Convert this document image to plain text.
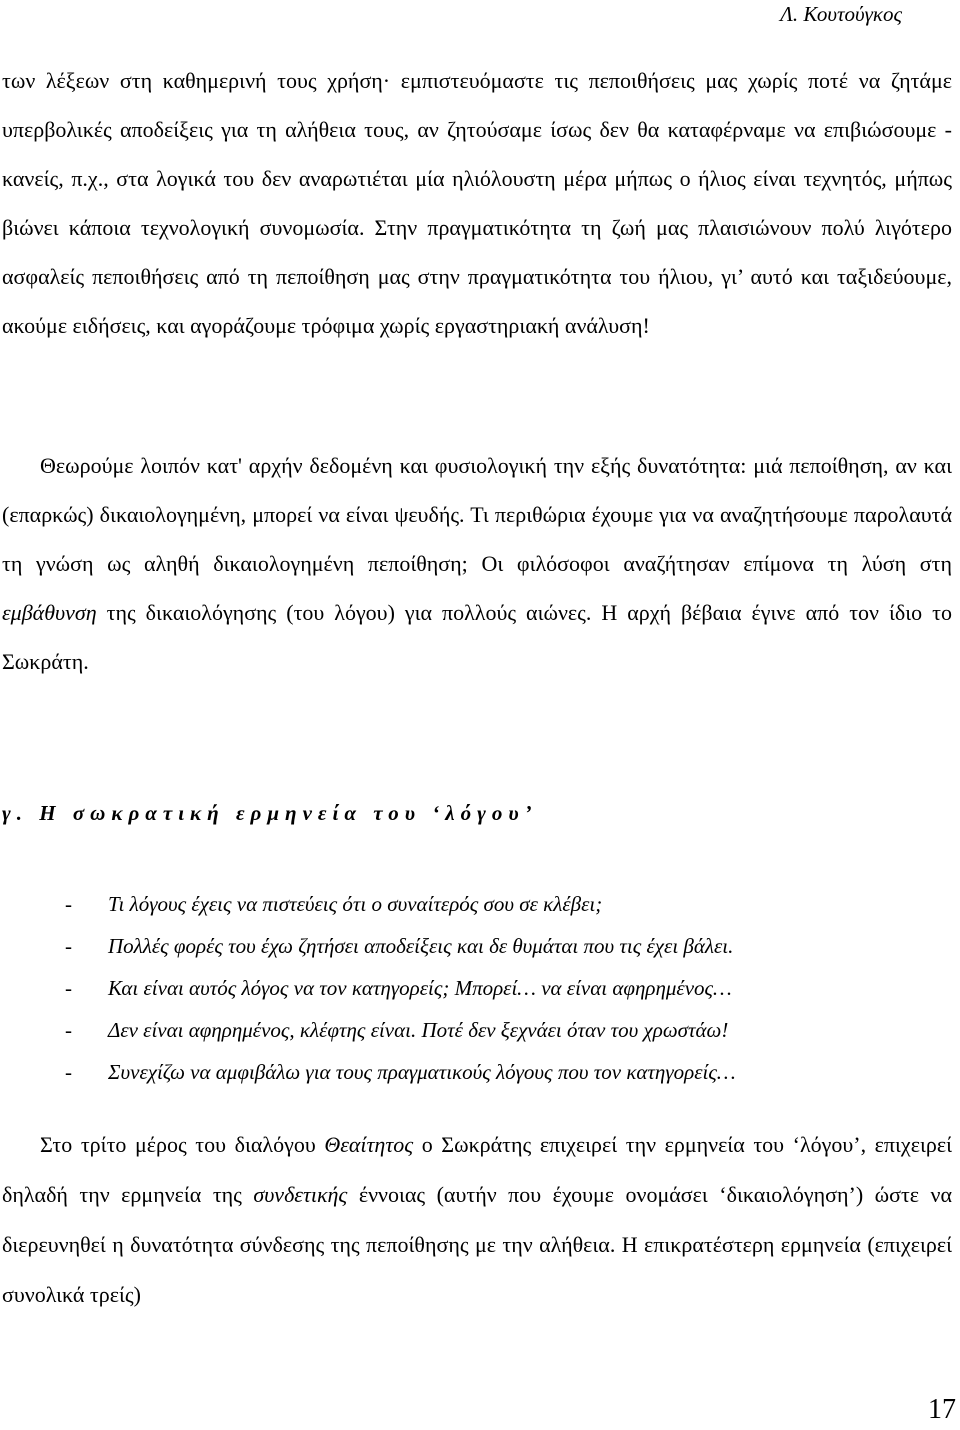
Λ. Κουτούγκος

των λέξεων στη καθημερινή τους χρήση· εμπιστευόμαστε τις πεποιθήσεις μας χωρίς ποτέ να ζητάμε υπερβολικές αποδείξεις για τη αλήθεια τους, αν ζητούσαμε ίσως δεν θα καταφέρναμε να επιβιώσουμε - κανείς, π.χ., στα λογικά του δεν αναρωτιέται μία ηλιόλουστη μέρα μήπως ο ήλιος είναι τεχνητός, μήπως βιώνει κάποια τεχνολογική συνομωσία. Στην πραγματικότητα τη ζωή μας πλαισιώνουν πολύ λιγότερο ασφαλείς πεποιθήσεις από τη πεποίθηση μας στην πραγματικότητα του ήλιου, γι’ αυτό και ταξιδεύουμε, ακούμε ειδήσεις, και αγοράζουμε τρόφιμα χωρίς εργαστηριακή ανάλυση!

Θεωρούμε λοιπόν κατ' αρχήν δεδομένη και φυσιολογική την εξής δυνατότητα: μιά πεποίθηση, αν και (επαρκώς) δικαιολογημένη, μπορεί να είναι ψευδής. Τι περιθώρια έχουμε για να αναζητήσουμε παρολαυτά τη γνώση ως αληθή δικαιολογημένη πεποίθηση; Οι φιλόσοφοι αναζήτησαν επίμονα τη λύση στη εμβάθυνση της δικαιολόγησης (του λόγου) για πολλούς αιώνες. Η αρχή βέβαια έγινε από τον ίδιο το Σωκράτη.

γ. Η σωκρατική ερμηνεία του ‘λόγου’
- Τι λόγους έχεις να πιστεύεις ότι ο συναίτερός σου σε κλέβει;
- Πολλές φορές του έχω ζητήσει αποδείξεις και δε θυμάται που τις έχει βάλει.
- Και είναι αυτός λόγος να τον κατηγορείς; Μπορεί… να είναι αφηρημένος…
- Δεν είναι αφηρημένος, κλέφτης είναι. Ποτέ δεν ξεχνάει όταν του χρωστάω!
- Συνεχίζω να αμφιβάλω για τους πραγματικούς λόγους που τον κατηγορείς…

Στο τρίτο μέρος του διαλόγου Θεαίτητος ο Σωκράτης επιχειρεί την ερμηνεία του ‘λόγου’, επιχειρεί δηλαδή την ερμηνεία της συνδετικής έννοιας (αυτήν που έχουμε ονομάσει ‘δικαιολόγηση’) ώστε να διερευνηθεί η δυνατότητα σύνδεσης της πεποίθησης με την αλήθεια. Η επικρατέστερη ερμηνεία (επιχειρεί συνολικά τρείς)

17
